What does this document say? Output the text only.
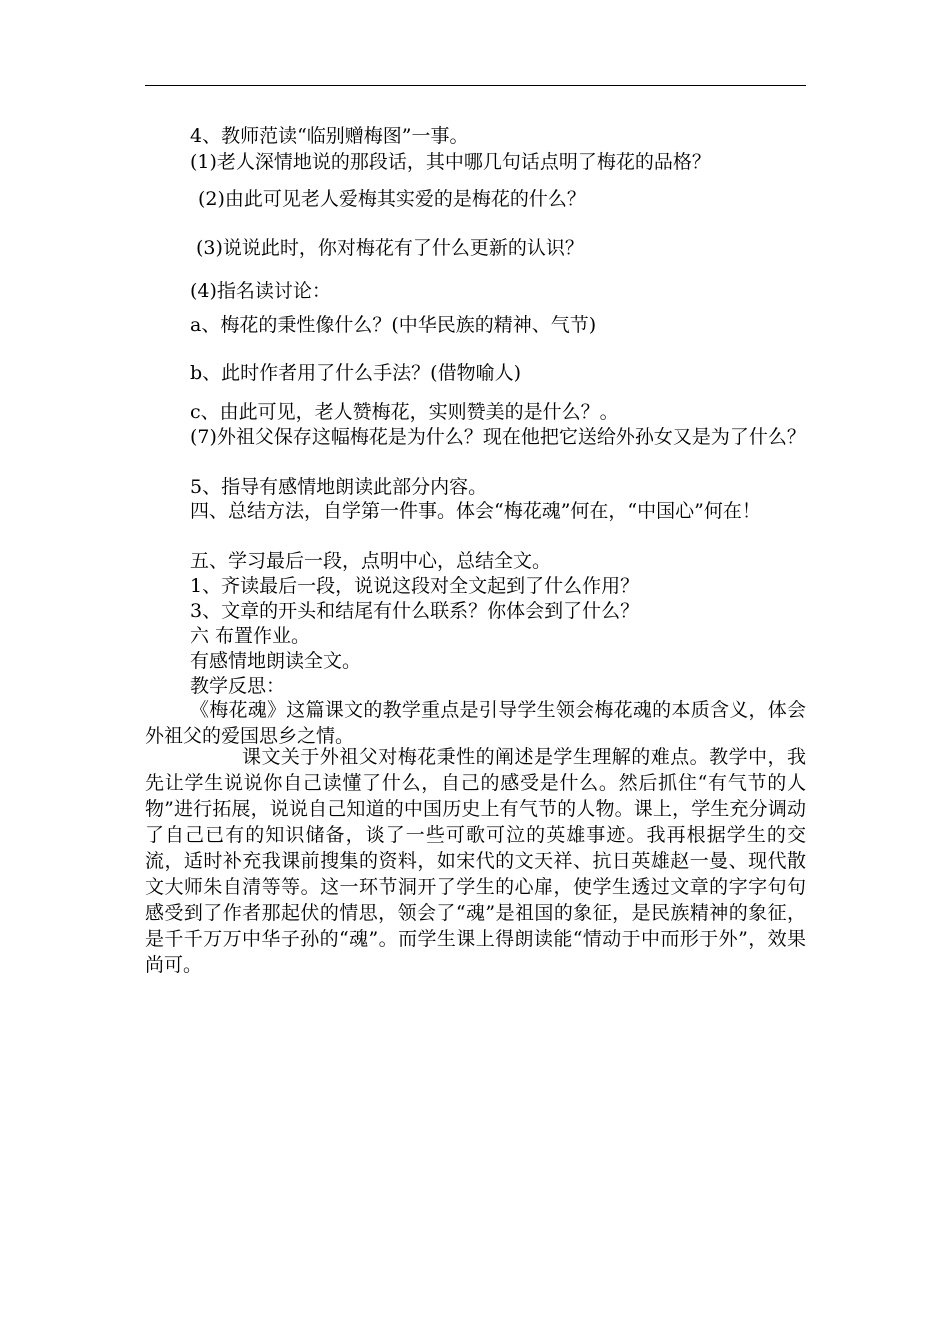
4、教师范读“临别赠梅图”一事。
(1)老人深情地说的那段话，其中哪几句话点明了梅花的品格？
(2)由此可见老人爱梅其实爱的是梅花的什么？
(3)说说此时，你对梅花有了什么更新的认识？
(4)指名读讨论：
a、梅花的秉性像什么？(中华民族的精神、气节)
b、此时作者用了什么手法？(借物喻人)
c、由此可见，老人赞梅花，实则赞美的是什么？。
(7)外祖父保存这幅梅花是为什么？现在他把它送给外孙女又是为了什么？
5、指导有感情地朗读此部分内容。
四、总结方法，自学第一件事。体会“梅花魂”何在，“中国心”何在！
五、学习最后一段，点明中心，总结全文。
1、齐读最后一段，说说这段对全文起到了什么作用？
3、文章的开头和结尾有什么联系？你体会到了什么？
六 布置作业。
有感情地朗读全文。
教学反思：
《梅花魂》这篇课文的教学重点是引导学生领会梅花魂的本质含义，体会外祖父的爱国思乡之情。
课文关于外祖父对梅花秉性的阐述是学生理解的难点。教学中，我先让学生说说你自己读懂了什么，自己的感受是什么。然后抓住“有气节的人物”进行拓展，说说自己知道的中国历史上有气节的人物。课上，学生充分调动了自己已有的知识储备，谈了一些可歌可泣的英雄事迹。我再根据学生的交流，适时补充我课前搜集的资料，如宋代的文天祥、抗日英雄赵一曼、现代散文大师朱自清等等。这一环节洞开了学生的心扉，使学生透过文章的字字句句感受到了作者那起伏的情思，领会了“魂”是祖国的象征，是民族精神的象征，是千千万万中华子孙的“魂”。而学生课上得朗读能“情动于中而形于外”，效果尚可。
